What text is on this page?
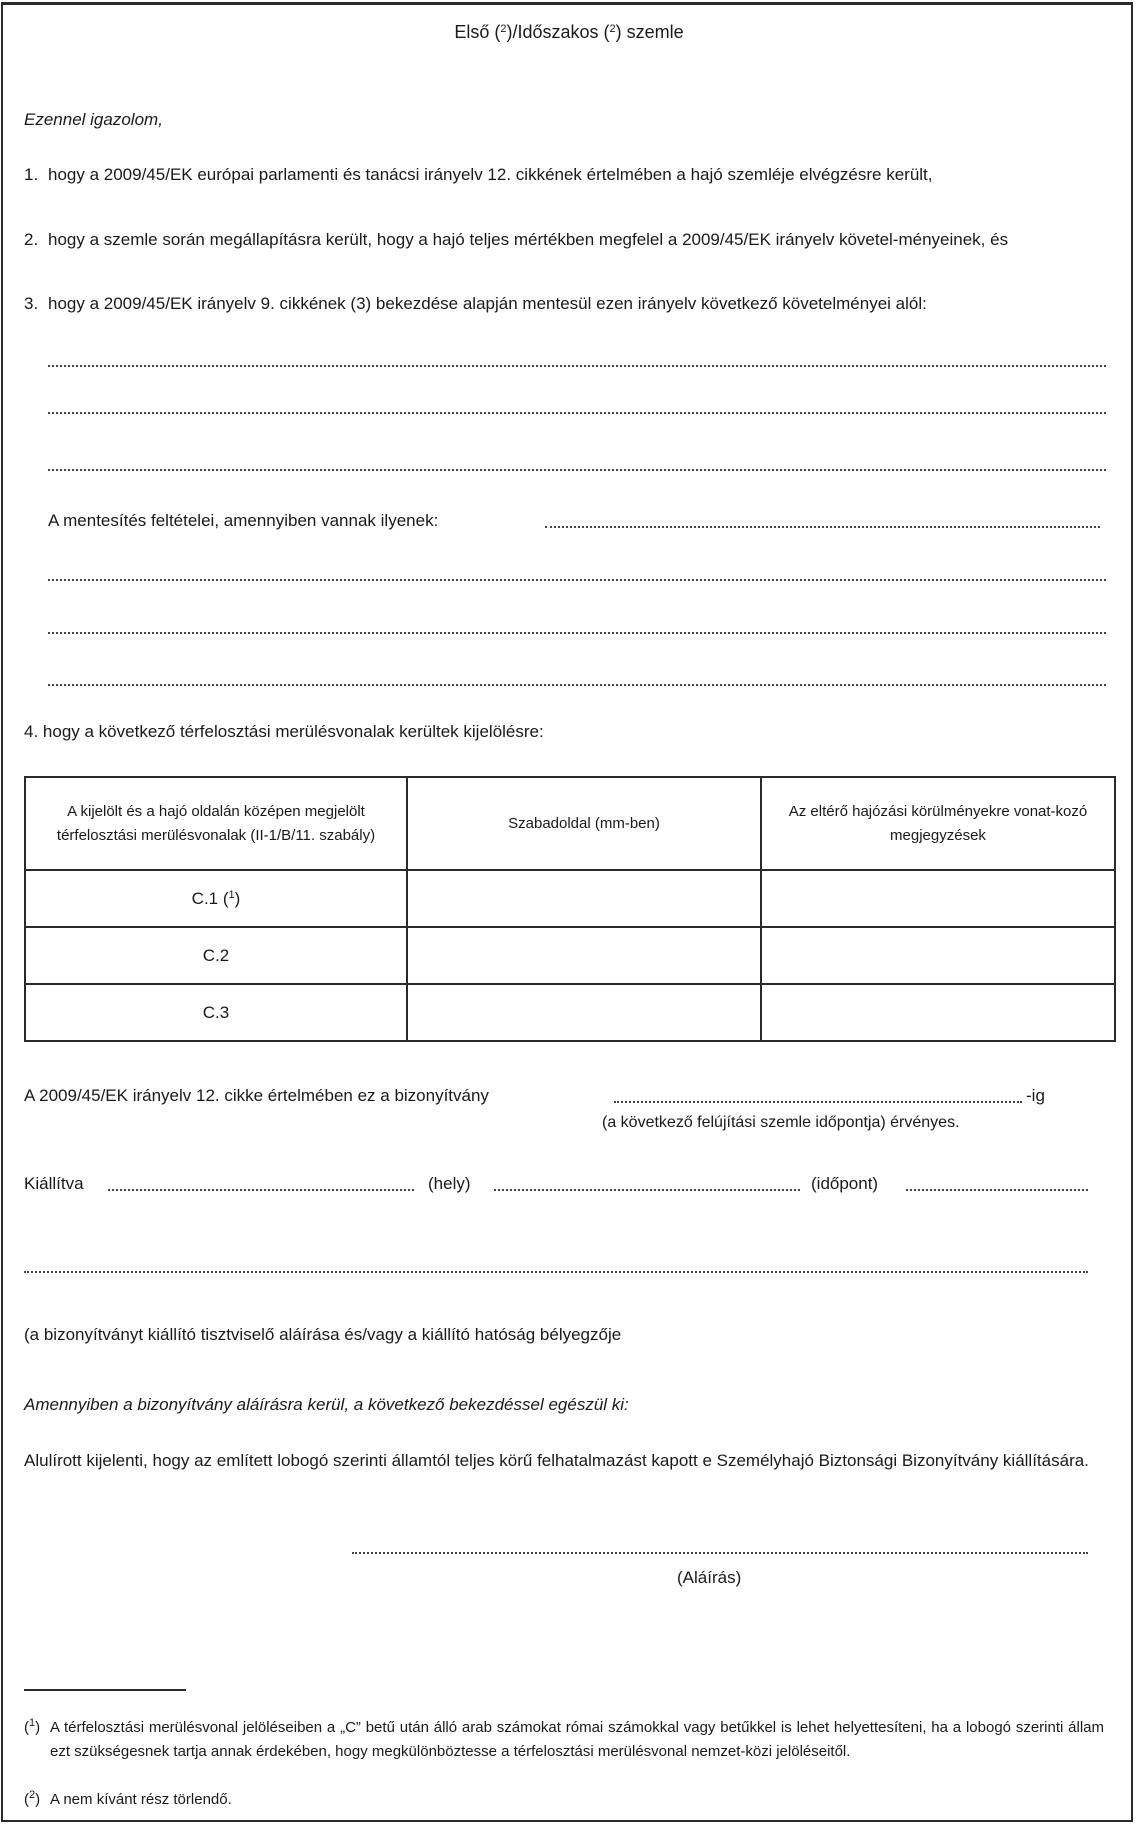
Első ($^2$)/Időszakos ($^2$) szemle
Ezennel igazolom,
1. hogy a 2009/45/EK európai parlamenti és tanácsi irányelv 12. cikkének értelmében a hajó szemléje elvégzésre került,
2. hogy a szemle során megállapításra került, hogy a hajó teljes mértékben megfelel a 2009/45/EK irányelv követel-ményeinek, és
3. hogy a 2009/45/EK irányelv 9. cikkének (3) bekezdése alapján mentesül ezen irányelv következő követelményei alól:
A mentesítés feltételei, amennyiben vannak ilyenek:
4. hogy a következő térfelosztási merülésvonalak kerültek kijelölésre:
A kijelölt és a hajó oldalán középen megjelölt térfelosztási merülésvonalak (II-1/B/11. szabály)	Szabadoldal (mm-ben)	Az eltérő hajózási körülményekre vonat-kozó megjegyzések
C.1 ($^1$)		
C.2		
C.3		
A 2009/45/EK irányelv 12. cikke értelmében ez a bizonyítvány	-ig
(a következő felújítási szemle időpontja) érvényes.
Kiállítva	(hely)	(időpont)
(a bizonyítványt kiállító tisztviselő aláírása és/vagy a kiállító hatóság bélyegzője
Amennyiben a bizonyítvány aláírásra kerül, a következő bekezdéssel egészül ki:
Alulírott kijelenti, hogy az említett lobogó szerinti államtól teljes körű felhatalmazást kapott e Személyhajó Biztonsági Bizonyítvány kiállítására.
(Aláírás)
($^1$) A térfelosztási merülésvonal jelöléseiben a „C” betű után álló arab számokat római számokkal vagy betűkkel is lehet helyettesíteni, ha a lobogó szerinti állam ezt szükségesnek tartja annak érdekében, hogy megkülönböztesse a térfelosztási merülésvonal nemzet-közi jelöléseitől.
($^2$) A nem kívánt rész törlendő.
